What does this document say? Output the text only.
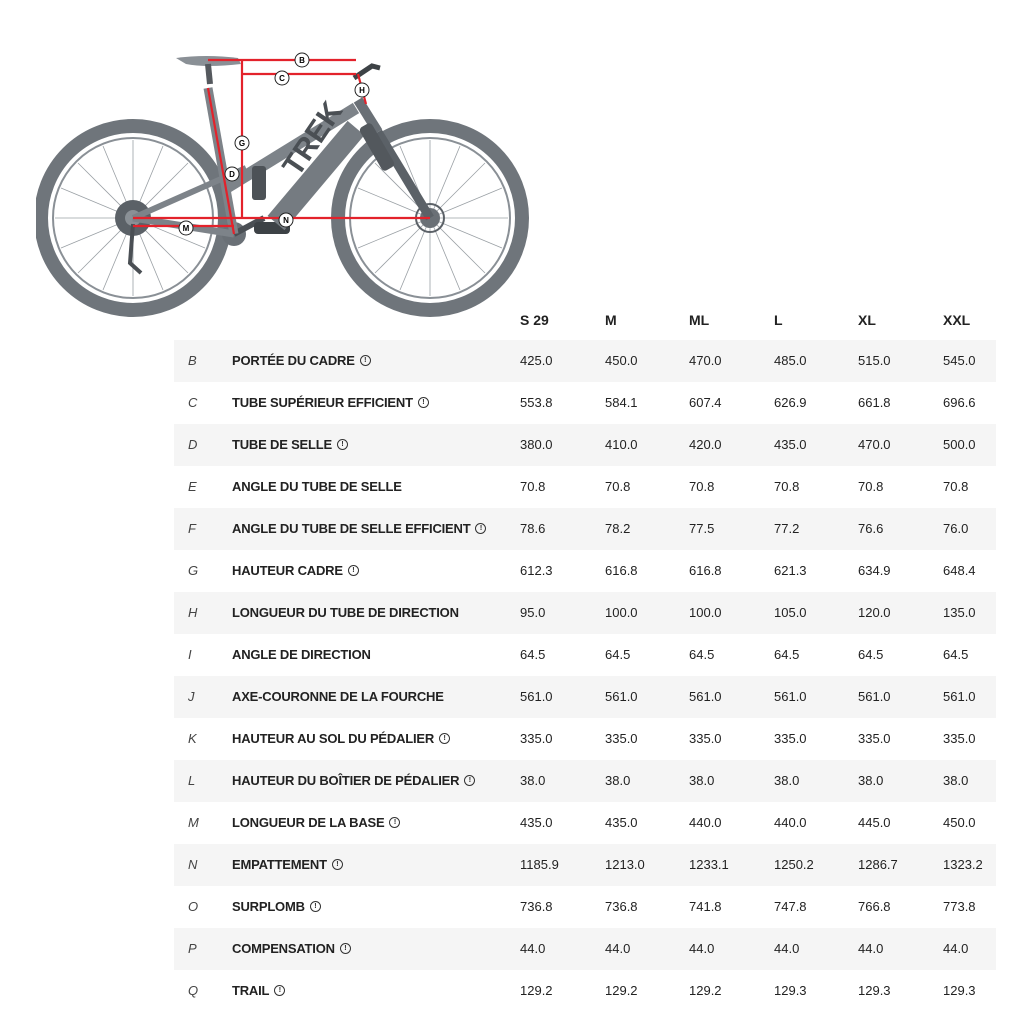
TREK
B
C
H
G
D
N
M
S 29	M	ML	L	XL	XXL
B	PORTÉE DU CADRE !	425.0	450.0	470.0	485.0	515.0	545.0
C	TUBE SUPÉRIEUR EFFICIENT !	553.8	584.1	607.4	626.9	661.8	696.6
D	TUBE DE SELLE !	380.0	410.0	420.0	435.0	470.0	500.0
E	ANGLE DU TUBE DE SELLE	70.8	70.8	70.8	70.8	70.8	70.8
F	ANGLE DU TUBE DE SELLE EFFICIENT !	78.6	78.2	77.5	77.2	76.6	76.0
G	HAUTEUR CADRE !	612.3	616.8	616.8	621.3	634.9	648.4
H	LONGUEUR DU TUBE DE DIRECTION	95.0	100.0	100.0	105.0	120.0	135.0
I	ANGLE DE DIRECTION	64.5	64.5	64.5	64.5	64.5	64.5
J	AXE-COURONNE DE LA FOURCHE	561.0	561.0	561.0	561.0	561.0	561.0
K	HAUTEUR AU SOL DU PÉDALIER !	335.0	335.0	335.0	335.0	335.0	335.0
L	HAUTEUR DU BOÎTIER DE PÉDALIER !	38.0	38.0	38.0	38.0	38.0	38.0
M	LONGUEUR DE LA BASE !	435.0	435.0	440.0	440.0	445.0	450.0
N	EMPATTEMENT !	1185.9	1213.0	1233.1	1250.2	1286.7	1323.2
O	SURPLOMB !	736.8	736.8	741.8	747.8	766.8	773.8
P	COMPENSATION !	44.0	44.0	44.0	44.0	44.0	44.0
Q	TRAIL !	129.2	129.2	129.2	129.3	129.3	129.3
